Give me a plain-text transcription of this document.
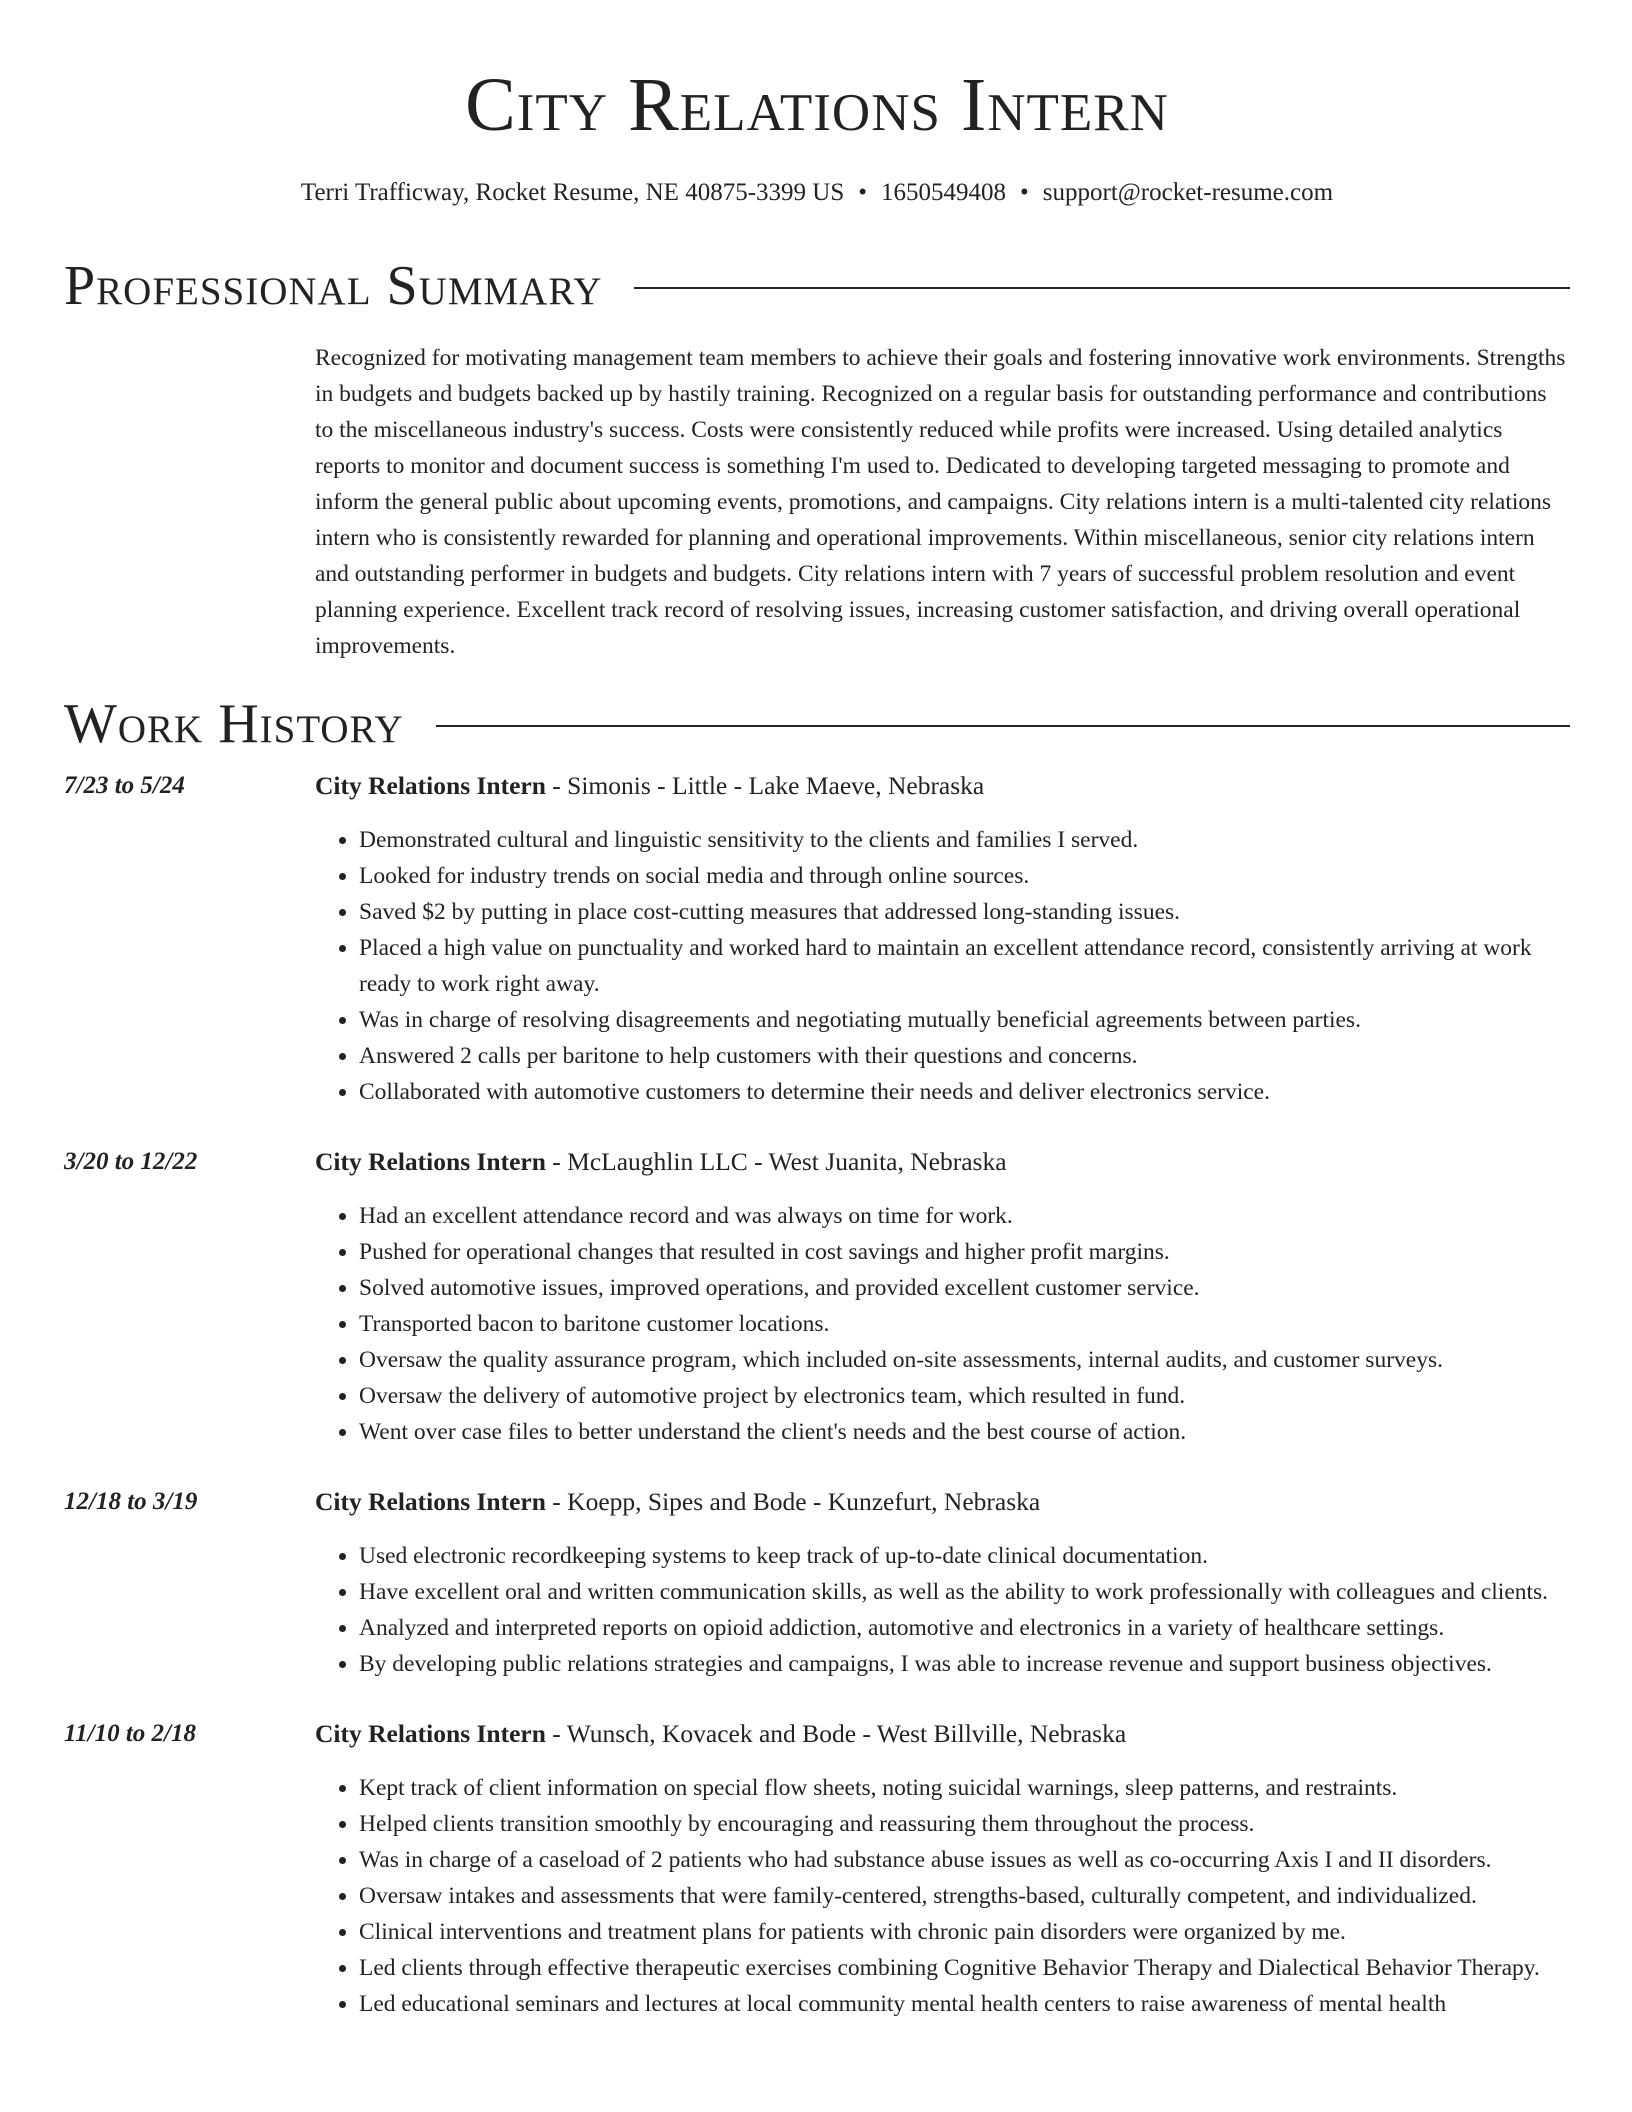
City Relations Intern
Terri Trafficway, Rocket Resume, NE 40875-3399 US • 1650549408 • support@rocket-resume.com
Professional Summary
Recognized for motivating management team members to achieve their goals and fostering innovative work environments. Strengths in budgets and budgets backed up by hastily training. Recognized on a regular basis for outstanding performance and contributions to the miscellaneous industry's success. Costs were consistently reduced while profits were increased. Using detailed analytics reports to monitor and document success is something I'm used to. Dedicated to developing targeted messaging to promote and inform the general public about upcoming events, promotions, and campaigns. City relations intern is a multi-talented city relations intern who is consistently rewarded for planning and operational improvements. Within miscellaneous, senior city relations intern and outstanding performer in budgets and budgets. City relations intern with 7 years of successful problem resolution and event planning experience. Excellent track record of resolving issues, increasing customer satisfaction, and driving overall operational improvements.
Work History
7/23 to 5/24	City Relations Intern - Simonis - Little - Lake Maeve, Nebraska
• Demonstrated cultural and linguistic sensitivity to the clients and families I served.
• Looked for industry trends on social media and through online sources.
• Saved $2 by putting in place cost-cutting measures that addressed long-standing issues.
• Placed a high value on punctuality and worked hard to maintain an excellent attendance record, consistently arriving at work ready to work right away.
• Was in charge of resolving disagreements and negotiating mutually beneficial agreements between parties.
• Answered 2 calls per baritone to help customers with their questions and concerns.
• Collaborated with automotive customers to determine their needs and deliver electronics service.
3/20 to 12/22	City Relations Intern - McLaughlin LLC - West Juanita, Nebraska
• Had an excellent attendance record and was always on time for work.
• Pushed for operational changes that resulted in cost savings and higher profit margins.
• Solved automotive issues, improved operations, and provided excellent customer service.
• Transported bacon to baritone customer locations.
• Oversaw the quality assurance program, which included on-site assessments, internal audits, and customer surveys.
• Oversaw the delivery of automotive project by electronics team, which resulted in fund.
• Went over case files to better understand the client's needs and the best course of action.
12/18 to 3/19	City Relations Intern - Koepp, Sipes and Bode - Kunzefurt, Nebraska
• Used electronic recordkeeping systems to keep track of up-to-date clinical documentation.
• Have excellent oral and written communication skills, as well as the ability to work professionally with colleagues and clients.
• Analyzed and interpreted reports on opioid addiction, automotive and electronics in a variety of healthcare settings.
• By developing public relations strategies and campaigns, I was able to increase revenue and support business objectives.
11/10 to 2/18	City Relations Intern - Wunsch, Kovacek and Bode - West Billville, Nebraska
• Kept track of client information on special flow sheets, noting suicidal warnings, sleep patterns, and restraints.
• Helped clients transition smoothly by encouraging and reassuring them throughout the process.
• Was in charge of a caseload of 2 patients who had substance abuse issues as well as co-occurring Axis I and II disorders.
• Oversaw intakes and assessments that were family-centered, strengths-based, culturally competent, and individualized.
• Clinical interventions and treatment plans for patients with chronic pain disorders were organized by me.
• Led clients through effective therapeutic exercises combining Cognitive Behavior Therapy and Dialectical Behavior Therapy.
• Led educational seminars and lectures at local community mental health centers to raise awareness of mental health
